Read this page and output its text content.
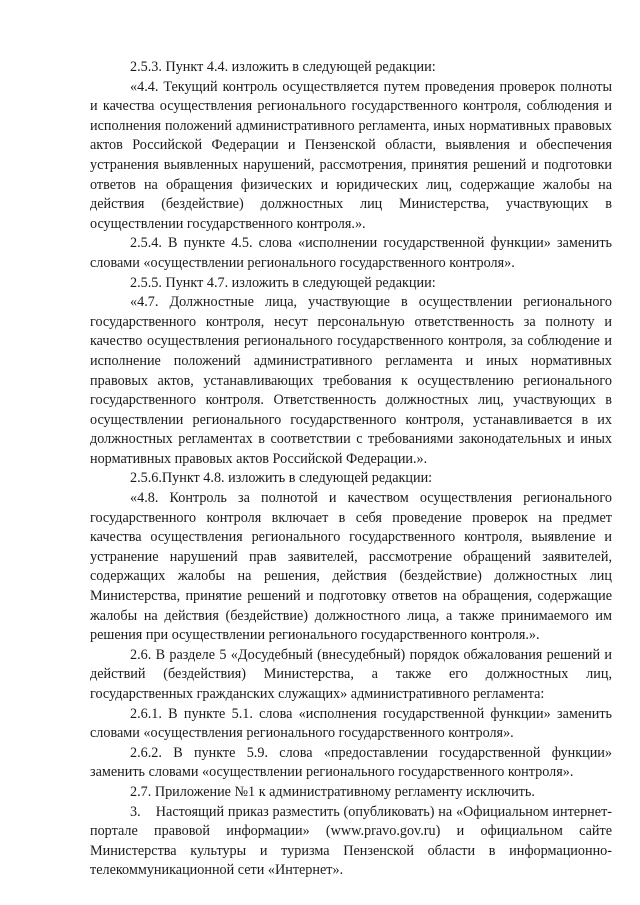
2.5.3. Пункт 4.4. изложить в следующей редакции:

«4.4. Текущий контроль осуществляется путем проведения проверок полноты и качества осуществления регионального государственного контроля, соблюдения и исполнения положений административного регламента, иных нормативных правовых актов Российской Федерации и Пензенской области, выявления и обеспечения устранения выявленных нарушений, рассмотрения, принятия решений и подготовки ответов на обращения физических и юридических лиц, содержащие жалобы на действия (бездействие) должностных лиц Министерства, участвующих в осуществлении государственного контроля.».

2.5.4. В пункте 4.5. слова «исполнении государственной функции» заменить словами «осуществлении регионального государственного контроля».

2.5.5. Пункт 4.7. изложить в следующей редакции:

«4.7. Должностные лица, участвующие в осуществлении регионального государственного контроля, несут персональную ответственность за полноту и качество осуществления регионального государственного контроля, за соблюдение и исполнение положений административного регламента и иных нормативных правовых актов, устанавливающих требования к осуществлению регионального государственного контроля. Ответственность должностных лиц, участвующих в осуществлении регионального государственного контроля, устанавливается в их должностных регламентах в соответствии с требованиями законодательных и иных нормативных правовых актов Российской Федерации.».

2.5.6.Пункт 4.8. изложить в следующей редакции:

«4.8. Контроль за полнотой и качеством осуществления регионального государственного контроля включает в себя проведение проверок на предмет качества осуществления регионального государственного контроля, выявление и устранение нарушений прав заявителей, рассмотрение обращений заявителей, содержащих жалобы на решения, действия (бездействие) должностных лиц Министерства, принятие решений и подготовку ответов на обращения, содержащие жалобы на действия (бездействие) должностного лица, а также принимаемого им решения при осуществлении регионального государственного контроля.».

2.6. В разделе 5 «Досудебный (внесудебный) порядок обжалования решений и действий (бездействия) Министерства, а также его должностных лиц, государственных гражданских служащих» административного регламента:

2.6.1. В пункте 5.1. слова «исполнения государственной функции» заменить словами «осуществления регионального государственного контроля».

2.6.2. В пункте 5.9. слова «предоставлении государственной функции» заменить словами «осуществлении регионального государственного контроля».

2.7. Приложение №1 к административному регламенту исключить.

3.    Настоящий приказ разместить (опубликовать) на «Официальном интернет-портале правовой информации» (www.pravo.gov.ru) и официальном сайте Министерства культуры и туризма Пензенской области в информационно-телекоммуникационной сети «Интернет».
